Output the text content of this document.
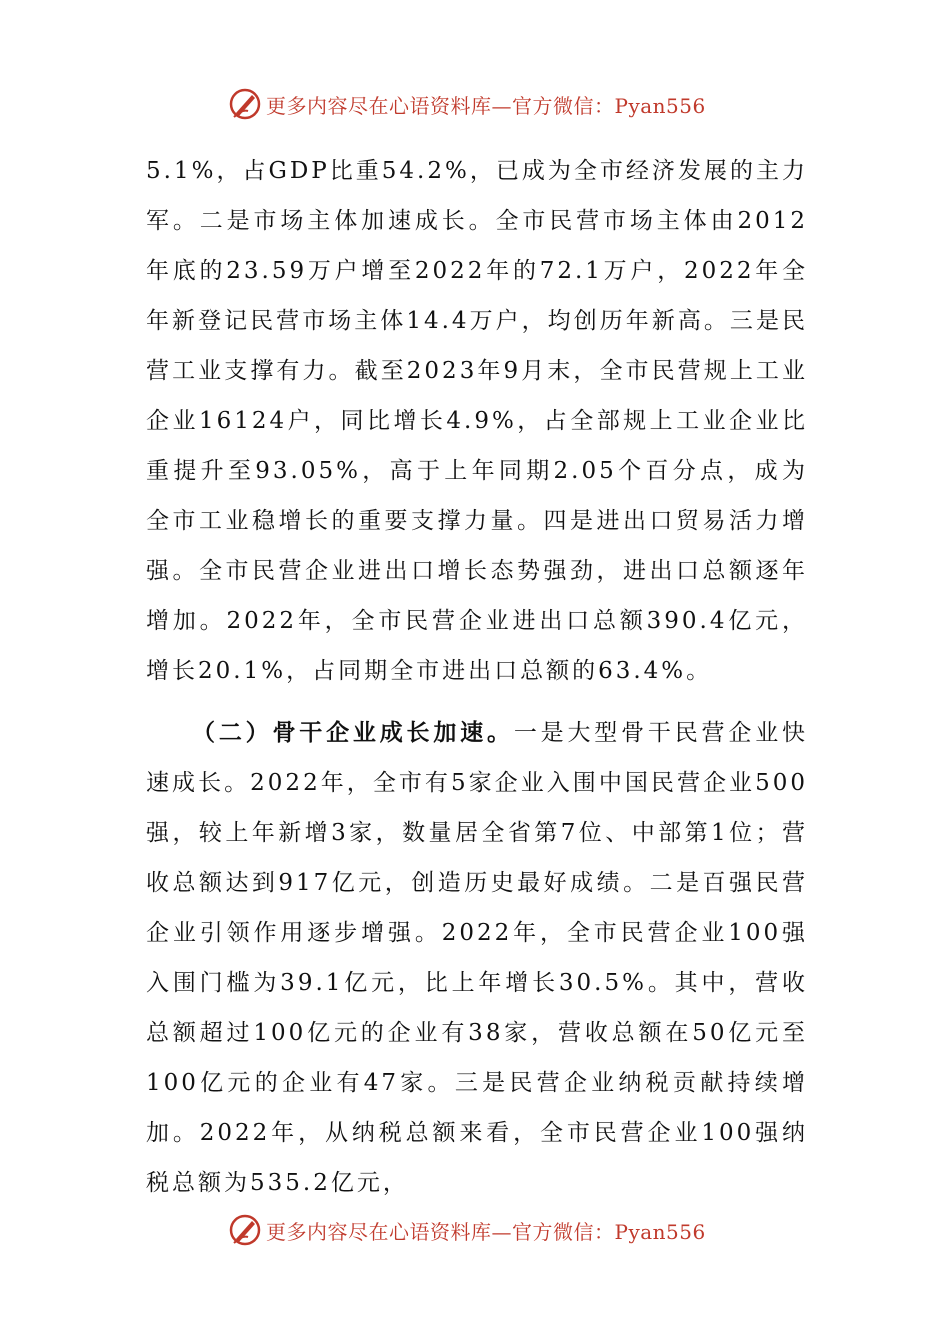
更多内容尽在心语资料库—官方微信：Pyan556

5.1%，占GDP比重54.2%，已成为全市经济发展的主力军。二是市场主体加速成长。全市民营市场主体由2012年底的23.59万户增至2022年的72.1万户，2022年全年新登记民营市场主体14.4万户，均创历年新高。三是民营工业支撑有力。截至2023年9月末，全市民营规上工业企业16124户，同比增长4.9%，占全部规上工业企业比重提升至93.05%，高于上年同期2.05个百分点，成为全市工业稳增长的重要支撑力量。四是进出口贸易活力增强。全市民营企业进出口增长态势强劲，进出口总额逐年增加。2022年，全市民营企业进出口总额390.4亿元，增长20.1%，占同期全市进出口总额的63.4%。

（二）骨干企业成长加速。一是大型骨干民营企业快速成长。2022年，全市有5家企业入围中国民营企业500强，较上年新增3家，数量居全省第7位、中部第1位；营收总额达到917亿元，创造历史最好成绩。二是百强民营企业引领作用逐步增强。2022年，全市民营企业100强入围门槛为39.1亿元，比上年增长30.5%。其中，营收总额超过100亿元的企业有38家，营收总额在50亿元至100亿元的企业有47家。三是民营企业纳税贡献持续增加。2022年，从纳税总额来看，全市民营企业100强纳税总额为535.2亿元，

更多内容尽在心语资料库—官方微信：Pyan556
